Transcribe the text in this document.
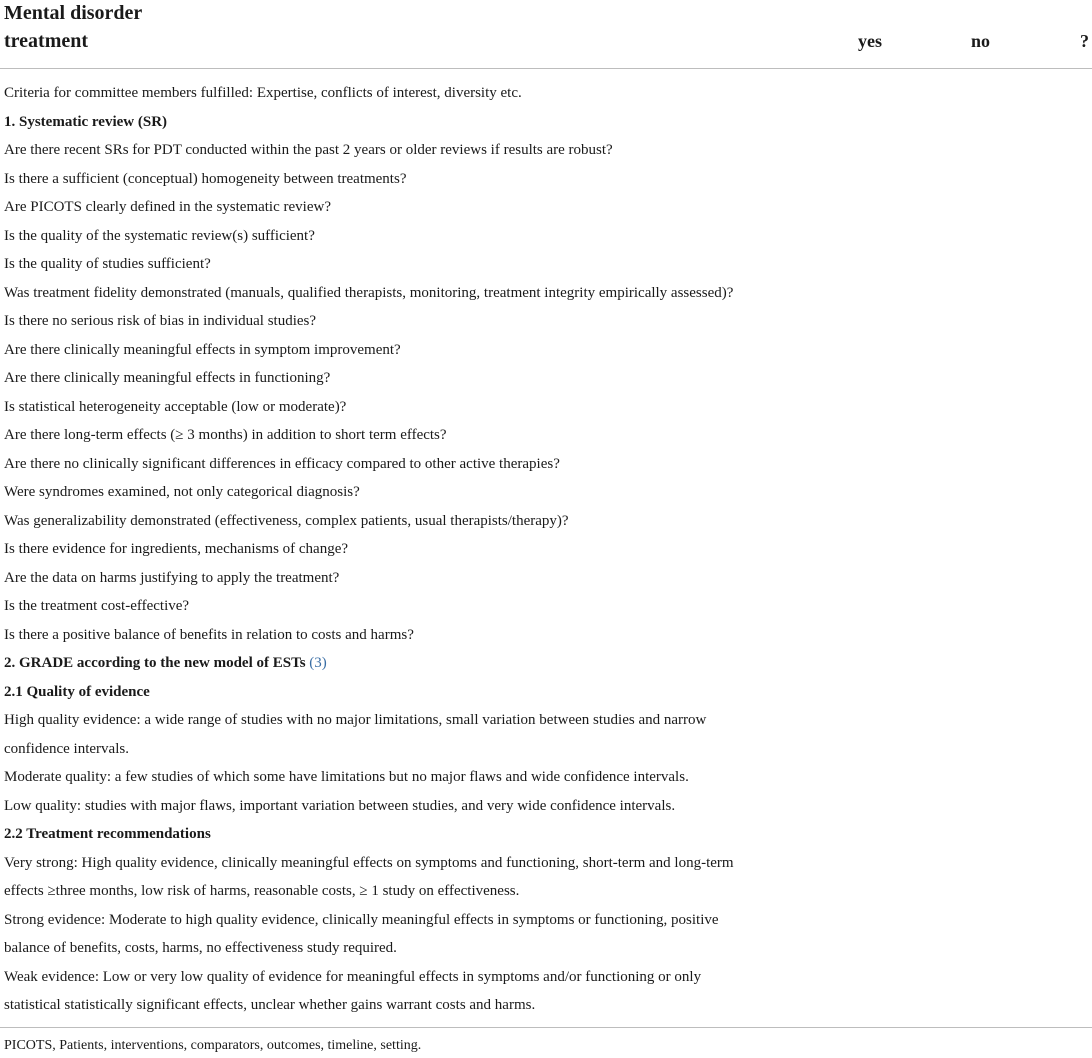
Mental disorder
treatment	yes	no	?
Criteria for committee members fulfilled: Expertise, conflicts of interest, diversity etc.
1. Systematic review (SR)
Are there recent SRs for PDT conducted within the past 2 years or older reviews if results are robust?
Is there a sufficient (conceptual) homogeneity between treatments?
Are PICOTS clearly defined in the systematic review?
Is the quality of the systematic review(s) sufficient?
Is the quality of studies sufficient?
Was treatment fidelity demonstrated (manuals, qualified therapists, monitoring, treatment integrity empirically assessed)?
Is there no serious risk of bias in individual studies?
Are there clinically meaningful effects in symptom improvement?
Are there clinically meaningful effects in functioning?
Is statistical heterogeneity acceptable (low or moderate)?
Are there long-term effects (≥ 3 months) in addition to short term effects?
Are there no clinically significant differences in efficacy compared to other active therapies?
Were syndromes examined, not only categorical diagnosis?
Was generalizability demonstrated (effectiveness, complex patients, usual therapists/therapy)?
Is there evidence for ingredients, mechanisms of change?
Are the data on harms justifying to apply the treatment?
Is the treatment cost-effective?
Is there a positive balance of benefits in relation to costs and harms?
2. GRADE according to the new model of ESTs (3)
2.1 Quality of evidence
High quality evidence: a wide range of studies with no major limitations, small variation between studies and narrow
confidence intervals.
Moderate quality: a few studies of which some have limitations but no major flaws and wide confidence intervals.
Low quality: studies with major flaws, important variation between studies, and very wide confidence intervals.
2.2 Treatment recommendations
Very strong: High quality evidence, clinically meaningful effects on symptoms and functioning, short-term and long-term
effects ≥three months, low risk of harms, reasonable costs, ≥ 1 study on effectiveness.
Strong evidence: Moderate to high quality evidence, clinically meaningful effects in symptoms or functioning, positive
balance of benefits, costs, harms, no effectiveness study required.
Weak evidence: Low or very low quality of evidence for meaningful effects in symptoms and/or functioning or only
statistical statistically significant effects, unclear whether gains warrant costs and harms.
PICOTS, Patients, interventions, comparators, outcomes, timeline, setting.
